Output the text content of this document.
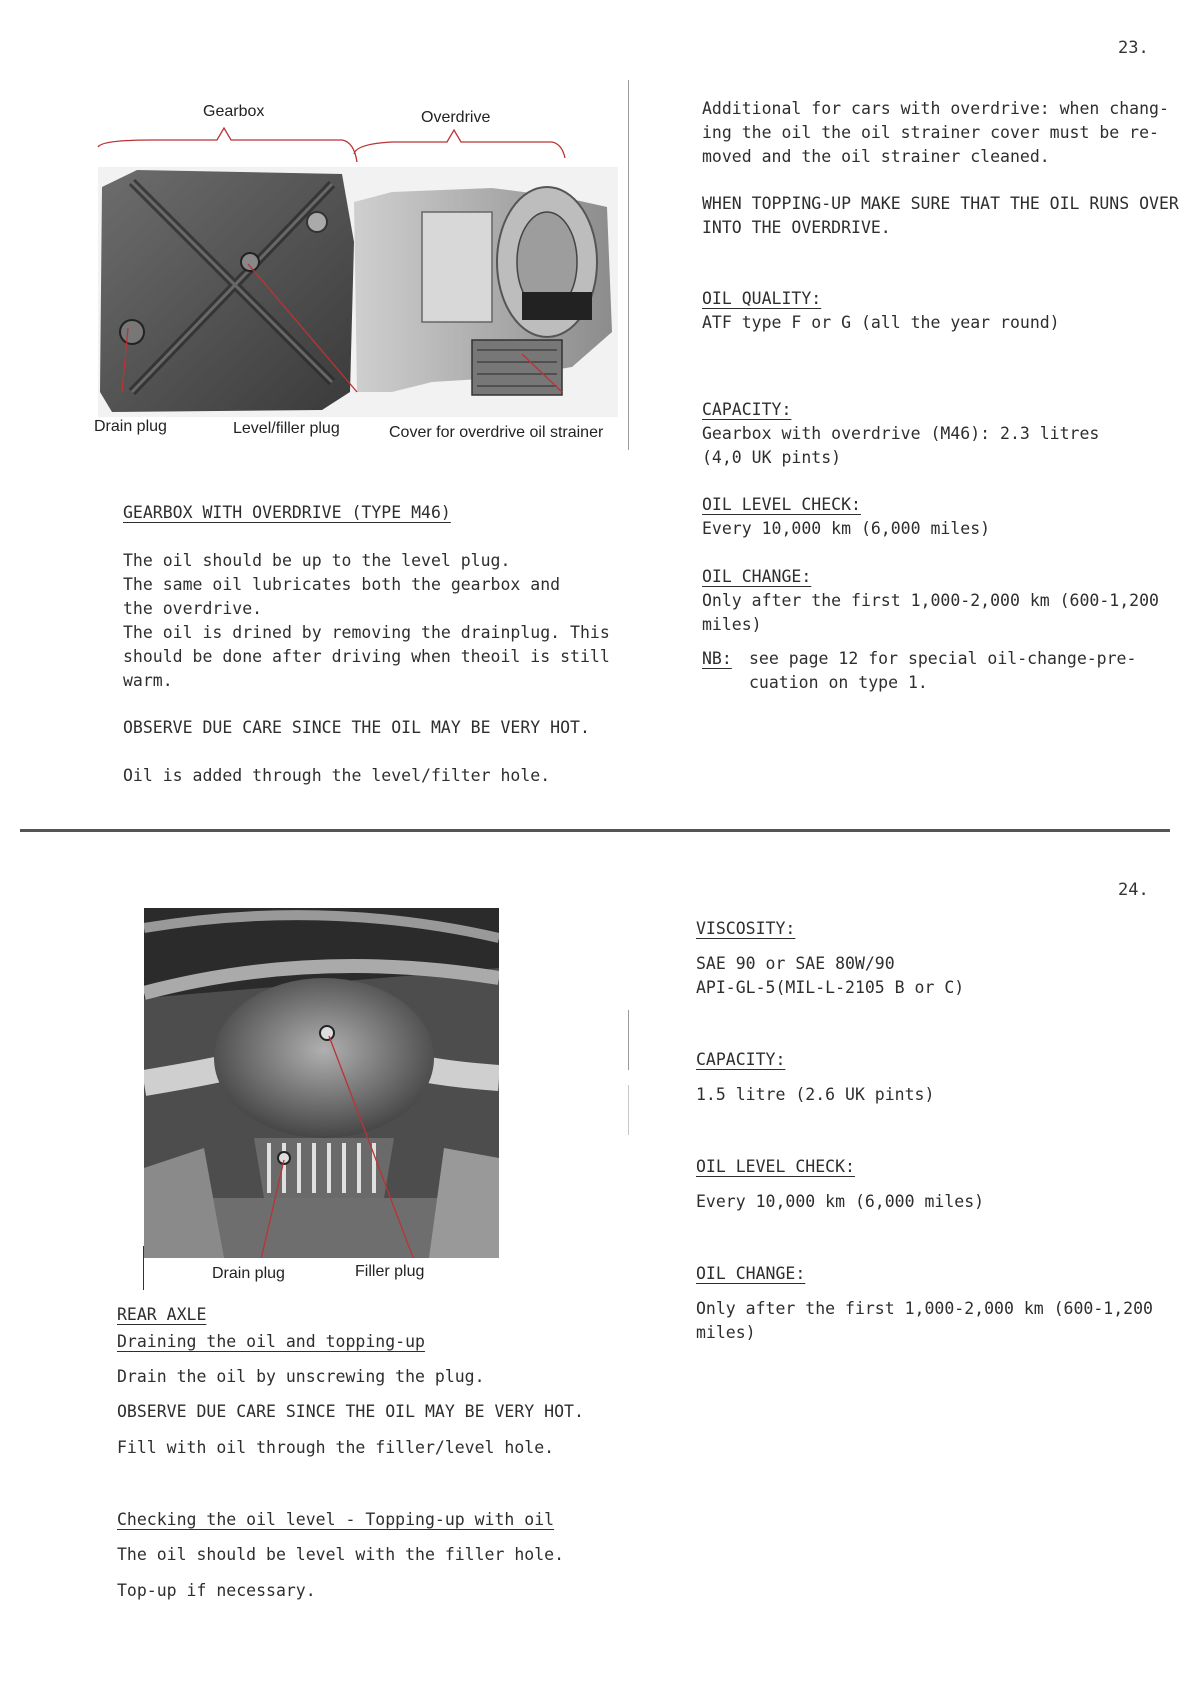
23.
Gearbox	Overdrive
Drain plug	Level/filler plug	Cover for overdrive oil strainer
GEARBOX WITH OVERDRIVE (TYPE M46)
The oil should be up to the level plug.
The same oil lubricates both the gearbox and
the overdrive.
The oil is drined by removing the drainplug. This
should be done after driving when theoil is still
warm.
OBSERVE DUE CARE SINCE THE OIL MAY BE VERY HOT.
Oil is added through the level/filter hole.
Additional for cars with overdrive: when chang-
ing the oil the oil strainer cover must be re-
moved and the oil strainer cleaned.
WHEN TOPPING-UP MAKE SURE THAT THE OIL RUNS OVER
INTO THE OVERDRIVE.
OIL QUALITY:
ATF type F or G (all the year round)
CAPACITY:
Gearbox with overdrive (M46): 2.3 litres
(4,0 UK pints)
OIL LEVEL CHECK:
Every 10,000 km (6,000 miles)
OIL CHANGE:
Only after the first 1,000-2,000 km (600-1,200
miles)
NB: see page 12 for special oil-change-pre-
cuation on type 1.
24.
Drain plug	Filler plug
REAR AXLE
Draining the oil and topping-up
Drain the oil by unscrewing the plug.
OBSERVE DUE CARE SINCE THE OIL MAY BE VERY HOT.
Fill with oil through the filler/level hole.
Checking the oil level - Topping-up with oil
The oil should be level with the filler hole.
Top-up if necessary.
VISCOSITY:
SAE 90 or SAE 80W/90
API-GL-5(MIL-L-2105 B or C)
CAPACITY:
1.5 litre (2.6 UK pints)
OIL LEVEL CHECK:
Every 10,000 km (6,000 miles)
OIL CHANGE:
Only after the first 1,000-2,000 km (600-1,200
miles)
